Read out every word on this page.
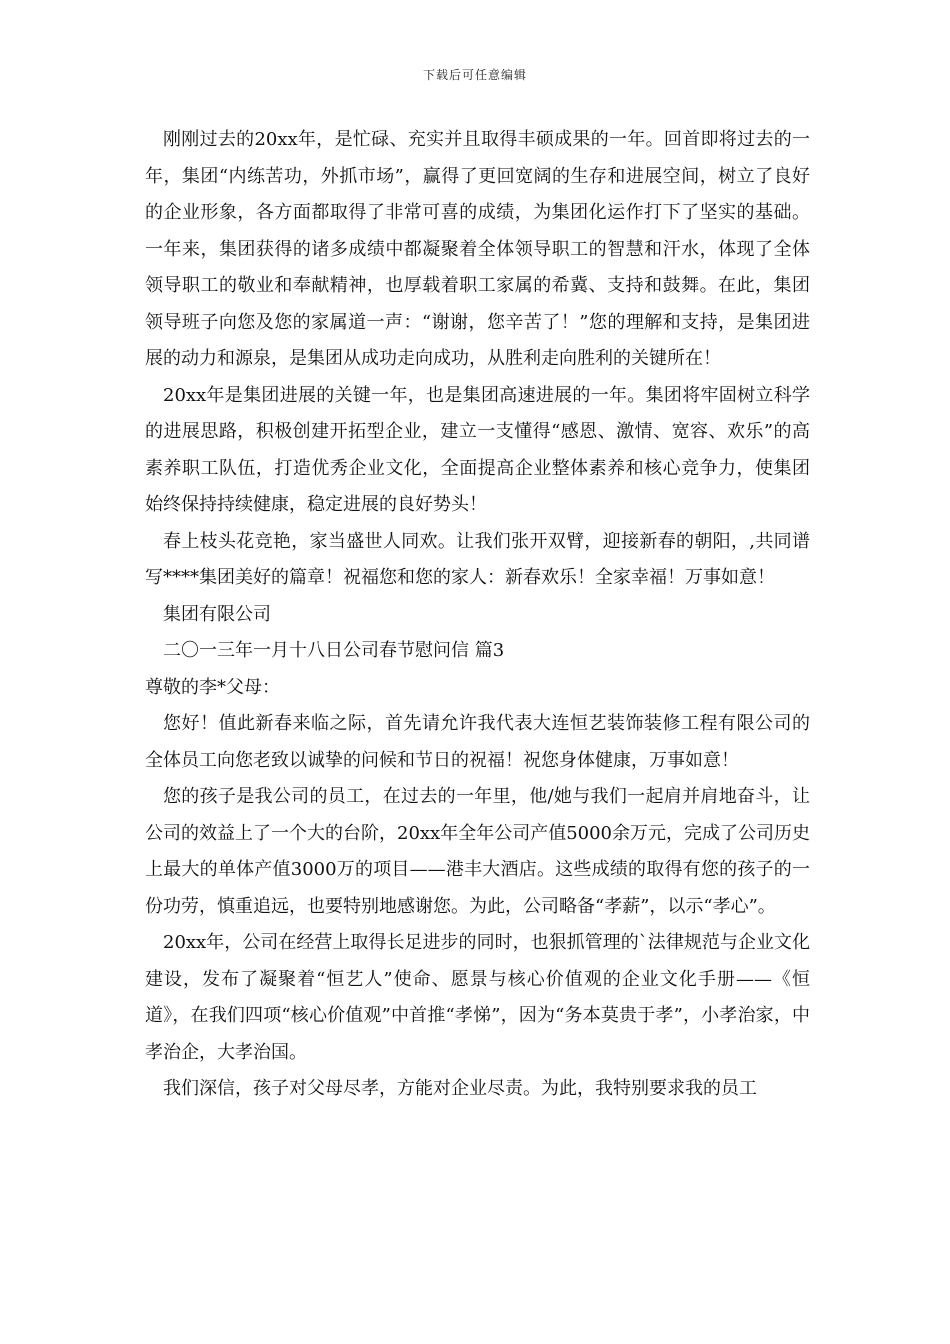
下载后可任意编辑

刚刚过去的20xx年，是忙碌、充实并且取得丰硕成果的一年。回首即将过去的一年，集团“内练苦功，外抓市场”，赢得了更回宽阔的生存和进展空间，树立了良好的企业形象，各方面都取得了非常可喜的成绩，为集团化运作打下了坚实的基础。一年来，集团获得的诸多成绩中都凝聚着全体领导职工的智慧和汗水，体现了全体领导职工的敬业和奉献精神，也厚载着职工家属的希冀、支持和鼓舞。在此，集团领导班子向您及您的家属道一声：“谢谢，您辛苦了！”您的理解和支持，是集团进展的动力和源泉，是集团从成功走向成功，从胜利走向胜利的关键所在！

20xx年是集团进展的关键一年，也是集团高速进展的一年。集团将牢固树立科学的进展思路，积极创建开拓型企业，建立一支懂得“感恩、激情、宽容、欢乐”的高素养职工队伍，打造优秀企业文化，全面提高企业整体素养和核心竞争力，使集团始终保持持续健康，稳定进展的良好势头！

春上枝头花竞艳，家当盛世人同欢。让我们张开双臂，迎接新春的朝阳，,共同谱写****集团美好的篇章！祝福您和您的家人：新春欢乐！全家幸福！万事如意！

集团有限公司

二〇一三年一月十八日公司春节慰问信 篇3

尊敬的李*父母：

您好！值此新春来临之际，首先请允许我代表大连恒艺装饰装修工程有限公司的全体员工向您老致以诚挚的问候和节日的祝福！祝您身体健康，万事如意！

您的孩子是我公司的员工，在过去的一年里，他/她与我们一起肩并肩地奋斗，让公司的效益上了一个大的台阶，20xx年全年公司产值5000余万元，完成了公司历史上最大的单体产值3000万的项目——港丰大酒店。这些成绩的取得有您的孩子的一份功劳，慎重追远，也要特别地感谢您。为此，公司略备“孝薪”，以示“孝心”。

20xx年，公司在经营上取得长足进步的同时，也狠抓管理的`法律规范与企业文化建设，发布了凝聚着“恒艺人”使命、愿景与核心价值观的企业文化手册——《恒道》，在我们四项“核心价值观”中首推“孝悌”，因为“务本莫贵于孝”，小孝治家，中孝治企，大孝治国。

我们深信，孩子对父母尽孝，方能对企业尽责。为此，我特别要求我的员工
